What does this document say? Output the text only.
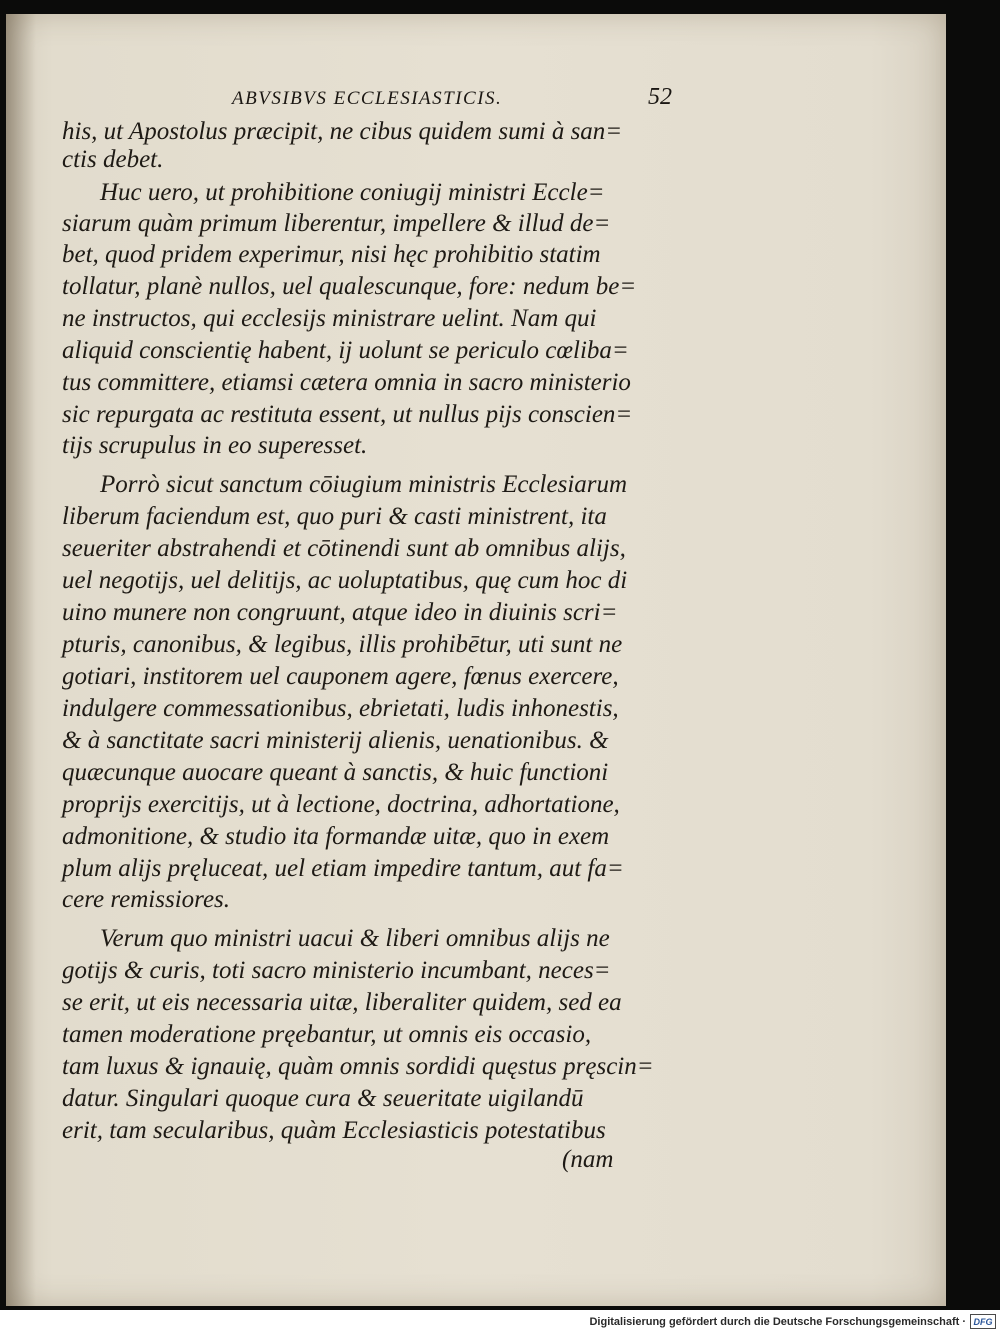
ABVSIBVS ECCLESIASTICIS.	52
his, ut Apostolus præcipit, ne cibus quidem sumi à san=
ctis debet.
Huc uero, ut prohibitione coniugij ministri Eccle=
siarum quàm primum liberentur, impellere & illud de=
bet, quod pridem experimur, nisi hęc prohibitio statim
tollatur, planè nullos, uel qualescunque, fore: nedum be=
ne instructos, qui ecclesijs ministrare uelint. Nam qui
aliquid conscientię habent, ij uolunt se periculo cœliba=
tus committere, etiamsi cætera omnia in sacro ministerio
sic repurgata ac restituta essent, ut nullus pijs conscien=
tijs scrupulus in eo superesset.
Porrò sicut sanctum cōiugium ministris Ecclesiarum
liberum faciendum est, quo puri & casti ministrent, ita
seueriter abstrahendi et cōtinendi sunt ab omnibus alijs,
uel negotijs, uel delitijs, ac uoluptatibus, quę cum hoc di
uino munere non congruunt, atque ideo in diuinis scri=
pturis, canonibus, & legibus, illis prohibētur, uti sunt ne
gotiari, institorem uel cauponem agere, fœnus exercere,
indulgere commessationibus, ebrietati, ludis inhonestis,
& à sanctitate sacri ministerij alienis, uenationibus. &
quæcunque auocare queant à sanctis, & huic functioni
proprijs exercitijs, ut à lectione, doctrina, adhortatione,
admonitione, & studio ita formandæ uitæ, quo in exem
plum alijs pręluceat, uel etiam impedire tantum, aut fa=
cere remissiores.
Verum quo ministri uacui & liberi omnibus alijs ne
gotijs & curis, toti sacro ministerio incumbant, neces=
se erit, ut eis necessaria uitæ, liberaliter quidem, sed ea
tamen moderatione pręebantur, ut omnis eis occasio,
tam luxus & ignauię, quàm omnis sordidi quęstus pręscin=
datur. Singulari quoque cura & seueritate uigilandū
erit, tam secularibus, quàm Ecclesiasticis potestatibus
(nam
Digitalisierung gefördert durch die Deutsche Forschungsgemeinschaft · DFG
